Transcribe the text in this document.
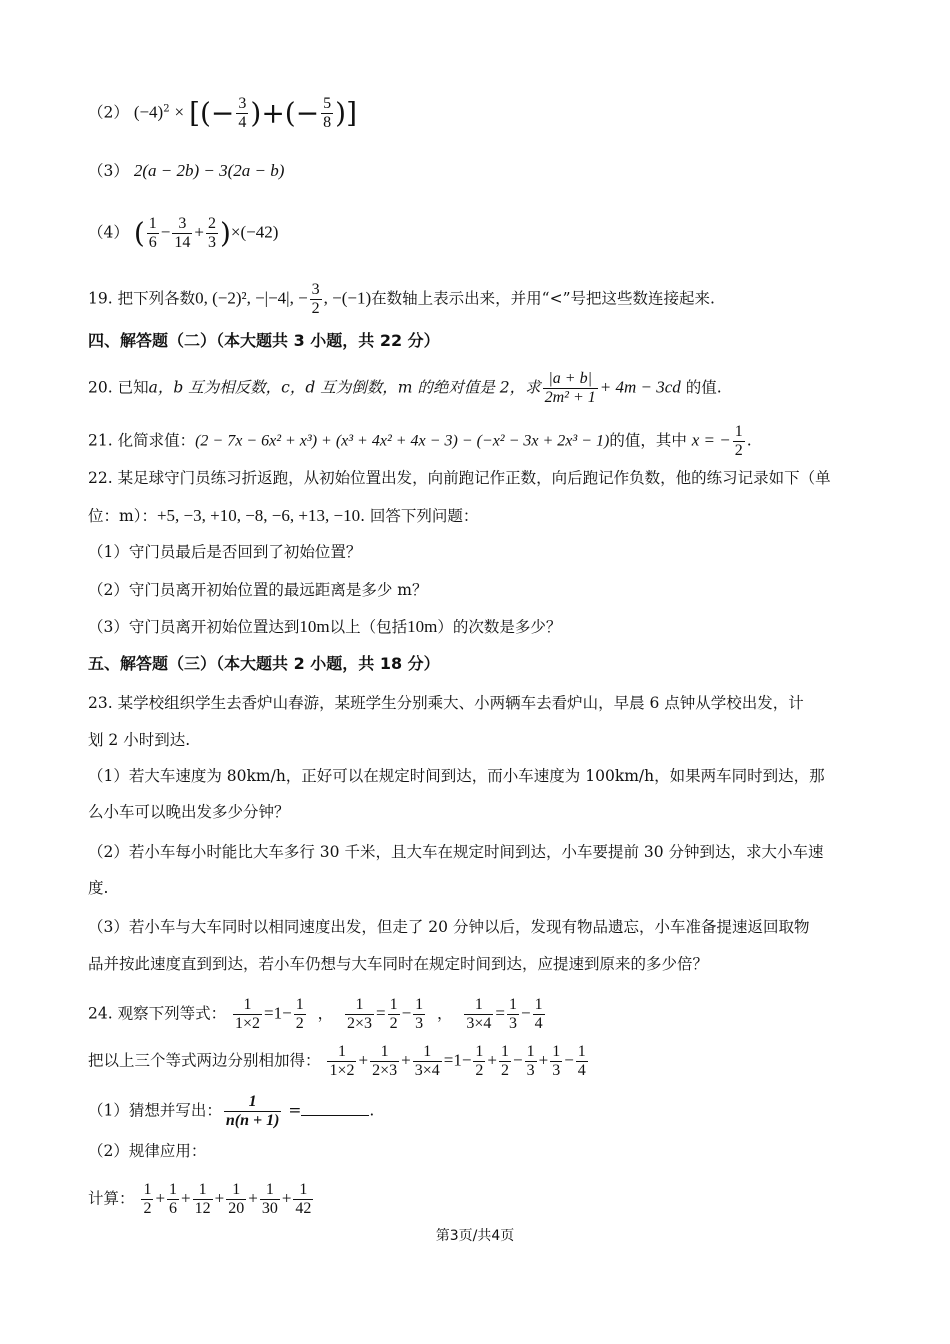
（2） $(-4)^2$ × [(− $\frac{3}{4}$ )+(− $\frac{5}{8}$ )]
（3） 2(a − 2b) − 3(2a − b)
（4） ( $\frac{1}{6} - \frac{3}{14} + \frac{2}{3} )\times(-42)$
19. 把下列各数0, (−2)², −|−4|, − $\frac{3}{2}$ , −(−1)在数轴上表示出来，并用“<”号把这些数连接起来.
四、解答题（二）（本大题共 3 小题，共 22 分）
20. 已知a，b 互为相反数，c，d 互为倒数，m 的绝对值是 2，求 $\frac{|a + b|}{\text{2m² + 1}} + 4m - 3cd$ 的值.
21. 化简求值：(2 − 7x − 6x² + x³) + (x³ + 4x² + 4x − 3) − (−x² − 3x + 2x³ − 1)的值，其中 x = − $\frac{1}{2}$ .
22. 某足球守门员练习折返跑，从初始位置出发，向前跑记作正数，向后跑记作负数，他的练习记录如下（单
位：m）：+5, −3, +10, −8, −6, +13, −10. 回答下列问题：
（1）守门员最后是否回到了初始位置？
（2）守门员离开初始位置的最远距离是多少 m？
（3）守门员离开初始位置达到10m以上（包括10m）的次数是多少？
五、解答题（三）（本大题共 2 小题，共 18 分）
23. 某学校组织学生去香炉山春游，某班学生分别乘大、小两辆车去看炉山，早晨 6 点钟从学校出发，计
划 2 小时到达.
（1）若大车速度为 80km/h，正好可以在规定时间到达，而小车速度为 100km/h，如果两车同时到达，那
么小车可以晚出发多少分钟？
（2）若小车每小时能比大车多行 30 千米，且大车在规定时间到达，小车要提前 30 分钟到达，求大小车速
度.
（3）若小车与大车同时以相同速度出发，但走了 20 分钟以后，发现有物品遗忘，小车准备提速返回取物
品并按此速度直到到达，若小车仍想与大车同时在规定时间到达，应提速到原来的多少倍？
24. 观察下列等式： $\frac{1}{1\times 2} =1- \frac{1}{2}$ ， $\frac{1}{2\times 3} = \frac{1}{2} - \frac{1}{3}$ ， $\frac{1}{3\times 4} = \frac{1}{3} - \frac{1}{4}$
把以上三个等式两边分别相加得： $\frac{1}{1\times 2} + \frac{1}{2\times 3} + \frac{1}{3\times 4} =1- \frac{1}{2} + \frac{1}{2} - \frac{1}{3} + \frac{1}{3} - \frac{1}{4}$
（1）猜想并写出： $\frac{1}{n(n + 1)}$ =	.
（2）规律应用：
计算： $\frac{1}{2} + \frac{1}{6} + \frac{1}{12} + \frac{1}{20} + \frac{1}{30} + \frac{1}{42}$
第3页/共4页
